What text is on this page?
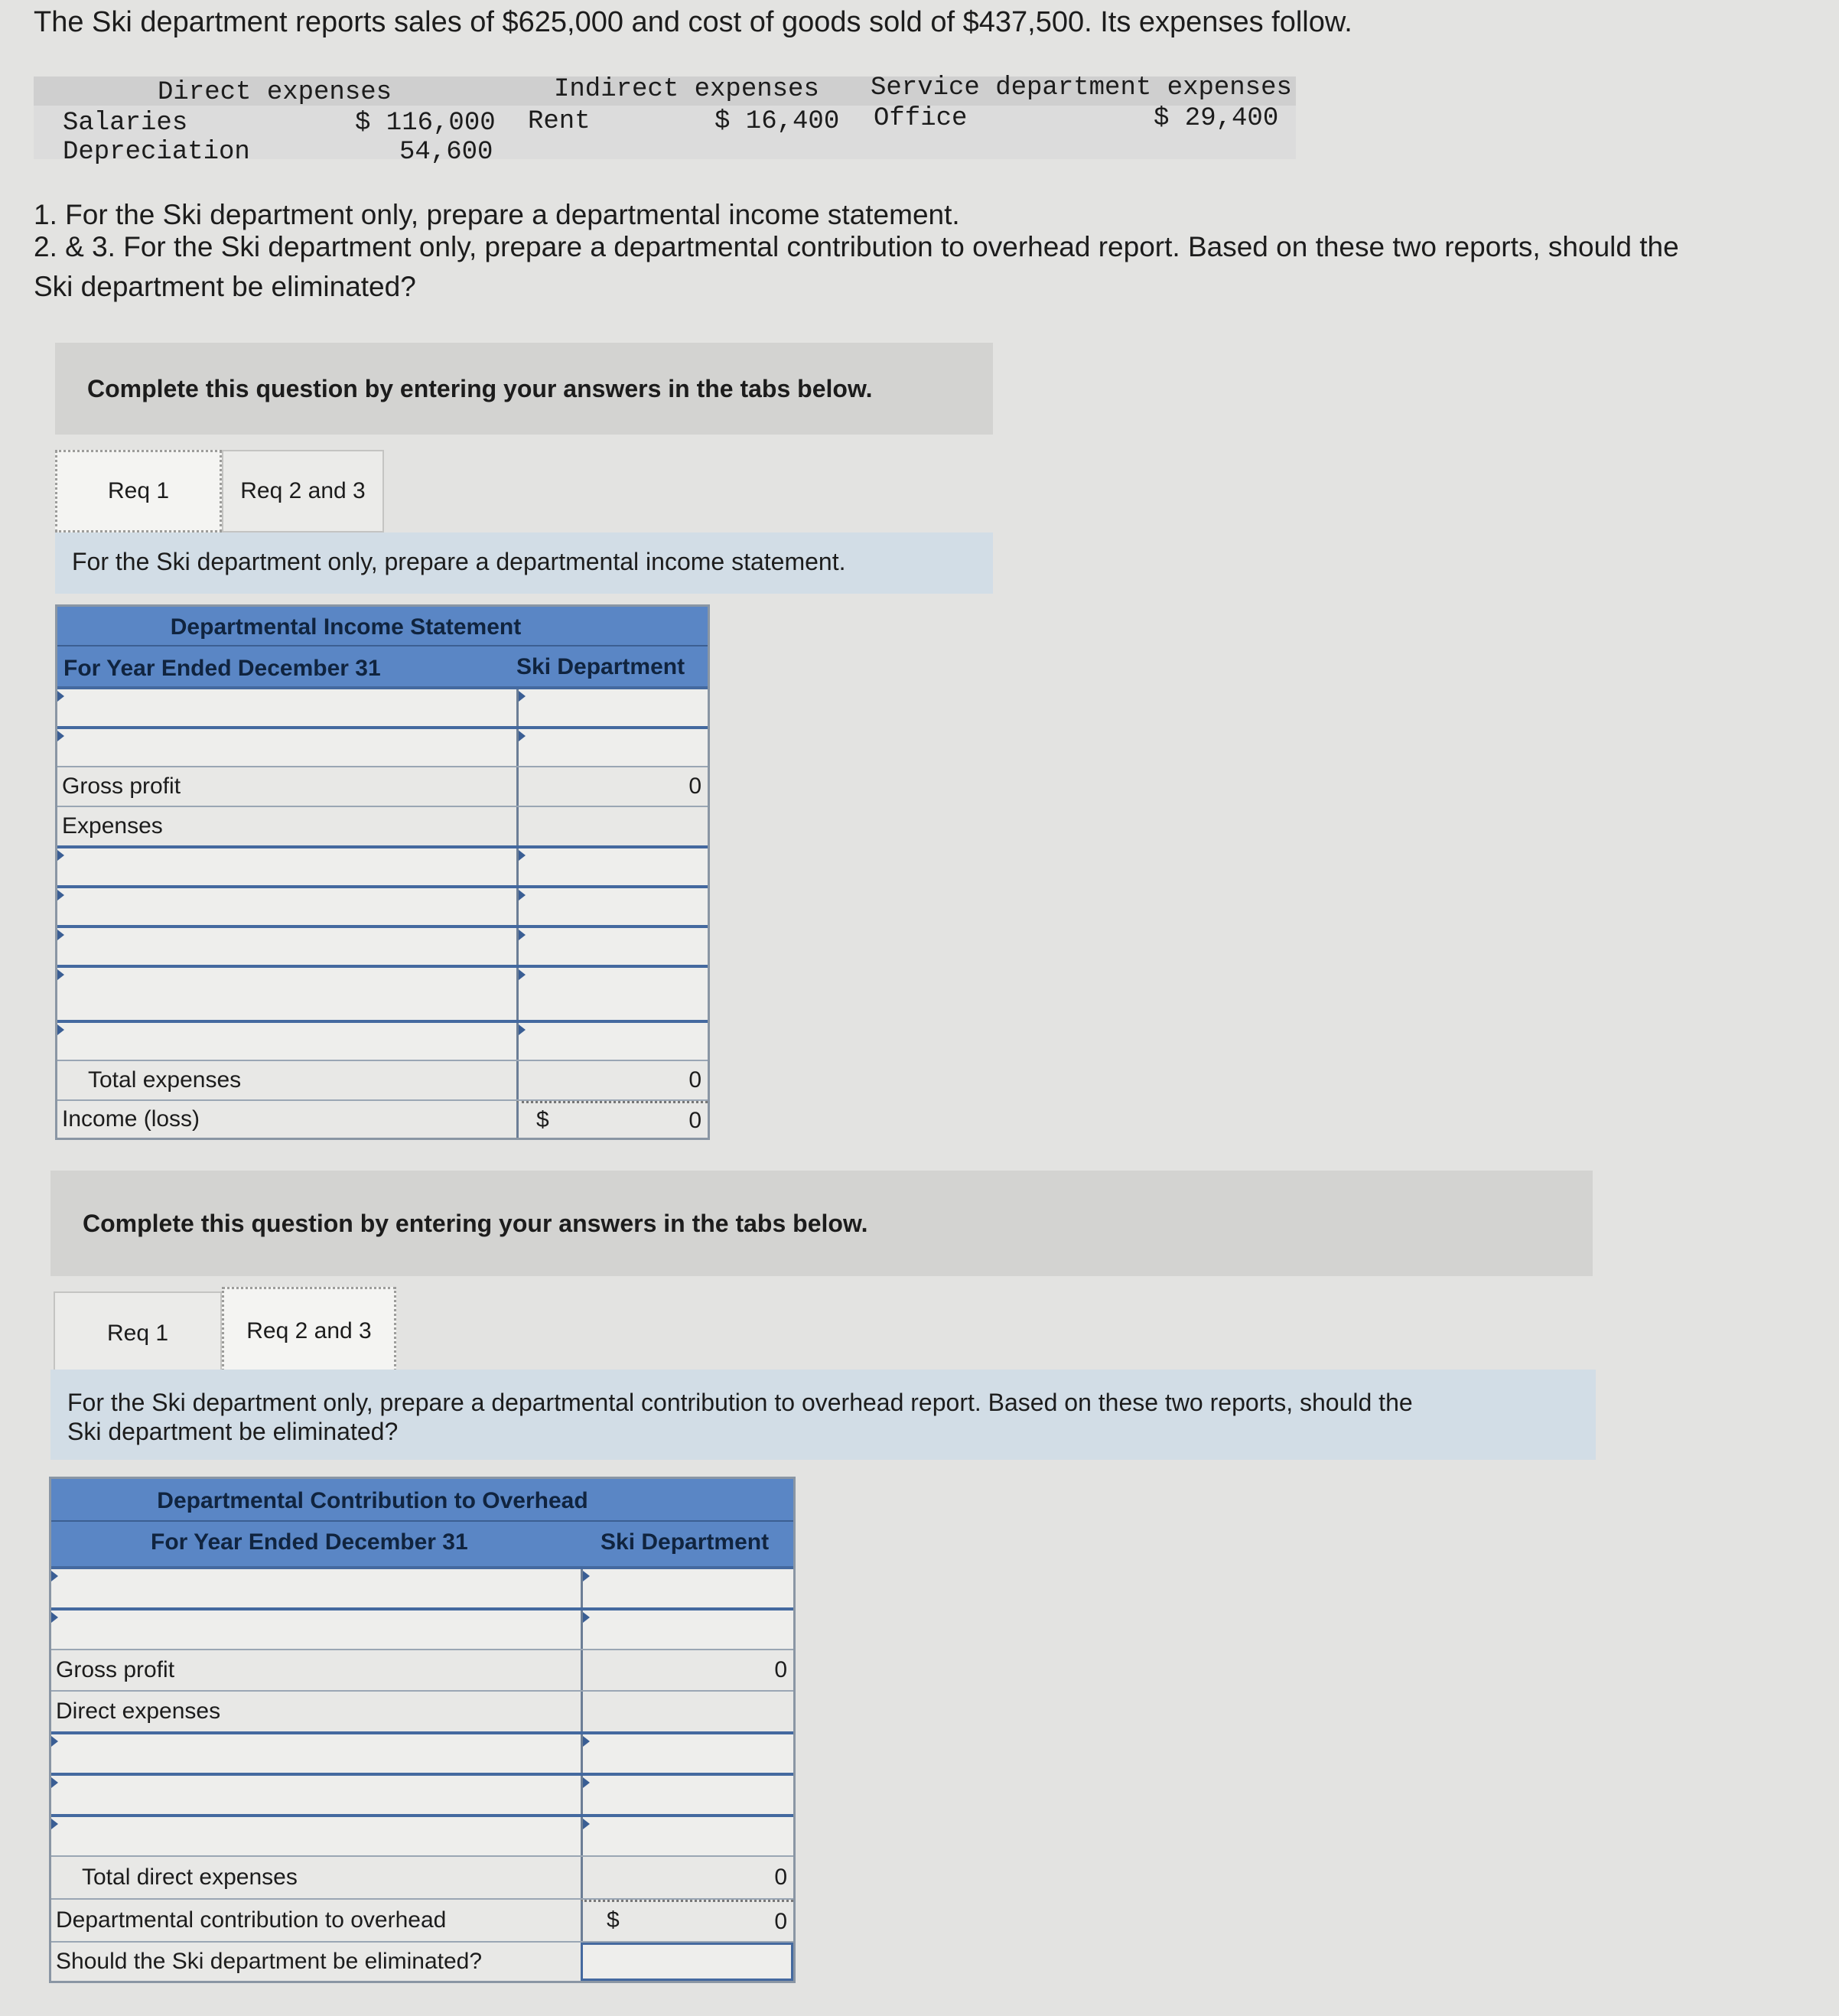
The Ski department reports sales of $625,000 and cost of goods sold of $437,500. Its expenses follow.
Direct expenses	Indirect expenses Service department expenses
Salaries	$ 116,000 Rent	$ 16,400 Office	$ 29,400
Depreciation	54,600
1. For the Ski department only, prepare a departmental income statement.
2. & 3. For the Ski department only, prepare a departmental contribution to overhead report. Based on these two reports, should the
Ski department be eliminated?
Complete this question by entering your answers in the tabs below.
Req 1	Req 2 and 3
For the Ski department only, prepare a departmental income statement.
Departmental Income Statement
For Year Ended December 31	Ski Department
Gross profit	0
Expenses
Total expenses	0
Income (loss)	0
$
Complete this question by entering your answers in the tabs below.
Req 1	Req 2 and 3
For the Ski department only, prepare a departmental contribution to overhead report. Based on these two reports, should the
Ski department be eliminated?
Departmental Contribution to Overhead
For Year Ended December 31	Ski Department
Gross profit	0
Direct expenses
Total direct expenses	0
Departmental contribution to overhead	0
$
Should the Ski department be eliminated?
